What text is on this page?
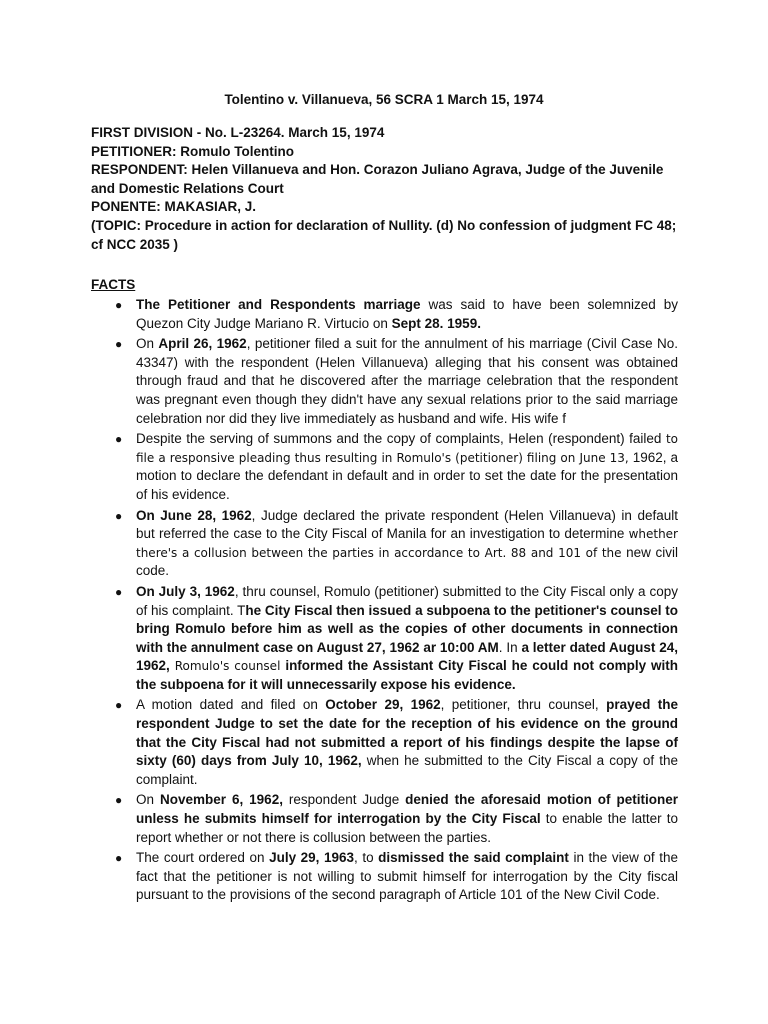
Tolentino v. Villanueva, 56 SCRA 1 March 15, 1974

FIRST DIVISION - No. L-23264. March 15, 1974

PETITIONER: Romulo Tolentino

RESPONDENT: Helen Villanueva and Hon. Corazon Juliano Agrava, Judge of the Juvenile and Domestic Relations Court

PONENTE: MAKASIAR, J.

(TOPIC: Procedure in action for declaration of Nullity. (d) No confession of judgment FC 48; cf NCC 2035 )

FACTS
● The Petitioner and Respondents marriage was said to have been solemnized by Quezon City Judge Mariano R. Virtucio on Sept 28. 1959.
● On April 26, 1962, petitioner filed a suit for the annulment of his marriage (Civil Case No. 43347) with the respondent (Helen Villanueva) alleging that his consent was obtained through fraud and that he discovered after the marriage celebration that the respondent was pregnant even though they didn't have any sexual relations prior to the said marriage celebration nor did they live immediately as husband and wife. His wife f
● Despite the serving of summons and the copy of complaints, Helen (respondent) failed to file a responsive pleading thus resulting in Romulo's (petitioner) filing on June 13, 1962, a motion to declare the defendant in default and in order to set the date for the presentation of his evidence.
● On June 28, 1962, Judge declared the private respondent (Helen Villanueva) in default but referred the case to the City Fiscal of Manila for an investigation to determine whether there's a collusion between the parties in accordance to Art. 88 and 101 of the new civil code.
● On July 3, 1962, thru counsel, Romulo (petitioner) submitted to the City Fiscal only a copy of his complaint. The City Fiscal then issued a subpoena to the petitioner's counsel to bring Romulo before him as well as the copies of other documents in connection with the annulment case on August 27, 1962 ar 10:00 AM. In a letter dated August 24, 1962, Romulo's counsel informed the Assistant City Fiscal he could not comply with the subpoena for it will unnecessarily expose his evidence.
● A motion dated and filed on October 29, 1962, petitioner, thru counsel, prayed the respondent Judge to set the date for the reception of his evidence on the ground that the City Fiscal had not submitted a report of his findings despite the lapse of sixty (60) days from July 10, 1962, when he submitted to the City Fiscal a copy of the complaint.
● On November 6, 1962, respondent Judge denied the aforesaid motion of petitioner unless he submits himself for interrogation by the City Fiscal to enable the latter to report whether or not there is collusion between the parties.
● The court ordered on July 29, 1963, to dismissed the said complaint in the view of the fact that the petitioner is not willing to submit himself for interrogation by the City fiscal pursuant to the provisions of the second paragraph of Article 101 of the New Civil Code.
